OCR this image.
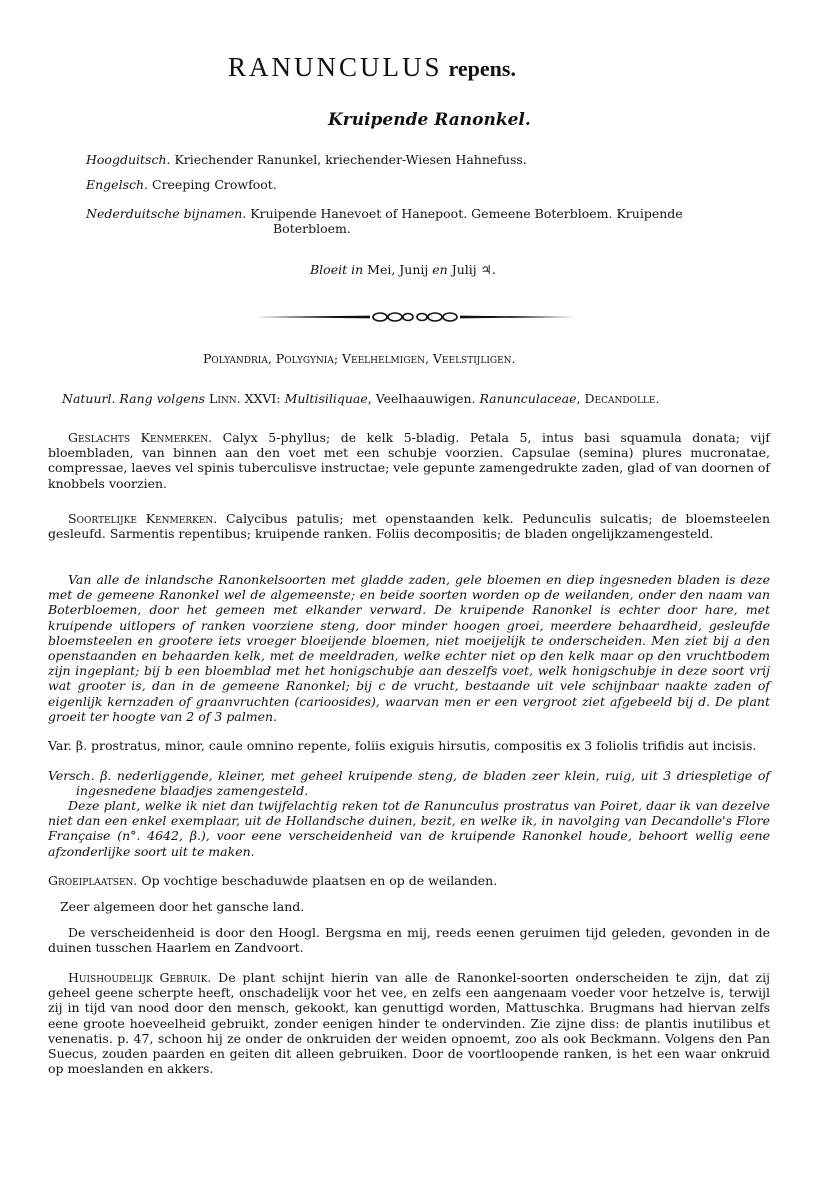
RANUNCULUS repens.
Kruipende Ranonkel.
Hoogduitsch. Kriechender Ranunkel, kriechender-Wiesen Hahnefuss.
Engelsch. Creeping Crowfoot.
Nederduitsche bijnamen. Kruipende Hanevoet of Hanepoot. Gemeene Boterbloem. Kruipende
Boterbloem.
Bloeit in Mei, Junij en Julij ♃.
Polyandria, Polygynia; Veelhelmigen, Veelstijligen.
Natuurl. Rang volgens Linn. XXVI: Multisiliquae, Veelhaauwigen. Ranunculaceae, Decandolle.

Geslachts Kenmerken. Calyx 5-phyllus; de kelk 5-bladig. Petala 5, intus basi squamula donata; vijf bloembladen, van binnen aan den voet met een schubje voorzien. Capsulae (semina) plures mucronatae, compressae, laeves vel spinis tuberculisve instructae; vele gepunte zamengedrukte zaden, glad of van doornen of knobbels voorzien.

Soortelijke Kenmerken. Calycibus patulis; met openstaanden kelk. Pedunculis sulcatis; de bloemsteelen gesleufd. Sarmentis repentibus; kruipende ranken. Foliis decompositis; de bladen ongelijkzamengesteld.

Van alle de inlandsche Ranonkelsoorten met gladde zaden, gele bloemen en diep ingesneden bladen is deze met de gemeene Ranonkel wel de algemeenste; en beide soorten worden op de weilanden, onder den naam van Boterbloemen, door het gemeen met elkander verward. De kruipende Ranonkel is echter door hare, met kruipende uitlopers of ranken voorziene steng, door minder hoogen groei, meerdere behaardheid, gesleufde bloemsteelen en grootere iets vroeger bloeijende bloemen, niet moeijelijk te onderscheiden. Men ziet bij a den openstaanden en behaarden kelk, met de meeldraden, welke echter niet op den kelk maar op den vruchtbodem zijn ingeplant; bij b een bloemblad met het honigschubje aan deszelfs voet, welk honigschubje in deze soort vrij wat grooter is, dan in de gemeene Ranonkel; bij c de vrucht, bestaande uit vele schijnbaar naakte zaden of eigenlijk kernzaden of graanvruchten (carioosides), waarvan men er een vergroot ziet afgebeeld bij d. De plant groeit ter hoogte van 2 of 3 palmen.

Var. β. prostratus, minor, caule omnino repente, foliis exiguis hirsutis, compositis ex 3 foliolis trifidis aut incisis.

Versch. β. nederliggende, kleiner, met geheel kruipende steng, de bladen zeer klein, ruig, uit 3 driespletige of ingesnedene blaadjes zamengesteld.

Deze plant, welke ik niet dan twijfelachtig reken tot de Ranunculus prostratus van Poiret, daar ik van dezelve niet dan een enkel exemplaar, uit de Hollandsche duinen, bezit, en welke ik, in navolging van Decandolle's Flore Française (n°. 4642, β.), voor eene verscheidenheid van de kruipende Ranonkel houde, behoort wellig eene afzonderlijke soort uit te maken.

Groeiplaatsen. Op vochtige beschaduwde plaatsen en op de weilanden.
Zeer algemeen door het gansche land.

De verscheidenheid is door den Hoogl. Bergsma en mij, reeds eenen geruimen tijd geleden, gevonden in de duinen tusschen Haarlem en Zandvoort.

Huishoudelijk Gebruik. De plant schijnt hierin van alle de Ranonkel-soorten onderscheiden te zijn, dat zij geheel geene scherpte heeft, onschadelijk voor het vee, en zelfs een aangenaam voeder voor hetzelve is, terwijl zij in tijd van nood door den mensch, gekookt, kan genuttigd worden, Mattuschka. Brugmans had hiervan zelfs eene groote hoeveelheid gebruikt, zonder eenigen hinder te ondervinden. Zie zijne diss: de plantis inutilibus et venenatis. p. 47, schoon hij ze onder de onkruiden der weiden opnoemt, zoo als ook Beckmann. Volgens den Pan Suecus, zouden paarden en geiten dit alleen gebruiken. Door de voortloopende ranken, is het een waar onkruid op moeslanden en akkers.
